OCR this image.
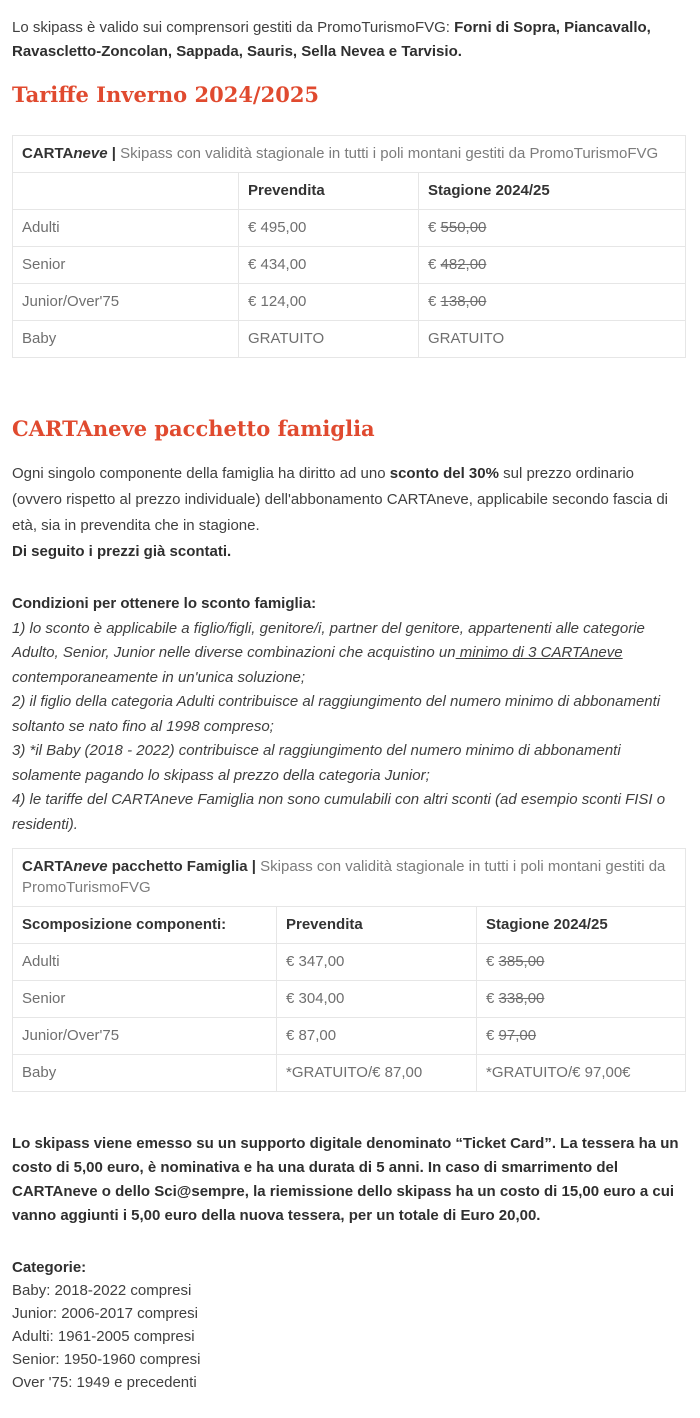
Lo skipass è valido sui comprensori gestiti da PromoTurismoFVG: Forni di Sopra, Piancavallo, Ravascletto-Zoncolan, Sappada, Sauris, Sella Nevea e Tarvisio.

Tariffe Inverno 2024/2025
CARTAneve | Skipass con validità stagionale in tutti i poli montani gestiti da PromoTurismoFVG		
	Prevendita	Stagione 2024/25
Adulti	€ 495,00	€ 550,00
Senior	€ 434,00	€ 482,00
Junior/Over'75	€ 124,00	€ 138,00
Baby	GRATUITO	GRATUITO
CARTAneve pacchetto famiglia

Ogni singolo componente della famiglia ha diritto ad uno sconto del 30% sul prezzo ordinario (ovvero rispetto al prezzo individuale) dell'abbonamento CARTAneve, applicabile secondo fascia di età, sia in prevendita che in stagione.
Di seguito i prezzi già scontati.

Condizioni per ottenere lo sconto famiglia:
1) lo sconto è applicabile a figlio/figli, genitore/i, partner del genitore, appartenenti alle categorie Adulto, Senior, Junior nelle diverse combinazioni che acquistino un minimo di 3 CARTAneve contemporaneamente in un'unica soluzione;
2) il figlio della categoria Adulti contribuisce al raggiungimento del numero minimo di abbonamenti soltanto se nato fino al 1998 compreso;
3) *il Baby (2018 - 2022) contribuisce al raggiungimento del numero minimo di abbonamenti solamente pagando lo skipass al prezzo della categoria Junior;
4) le tariffe del CARTAneve Famiglia non sono cumulabili con altri sconti (ad esempio sconti FISI o residenti).

CARTAneve pacchetto Famiglia | Skipass con validità stagionale in tutti i poli montani gestiti da PromoTurismoFVG		
Scomposizione componenti:	Prevendita	Stagione 2024/25
Adulti	€ 347,00	€ 385,00
Senior	€ 304,00	€ 338,00
Junior/Over'75	€ 87,00	€ 97,00
Baby	*GRATUITO/€ 87,00	*GRATUITO/€ 97,00€

Lo skipass viene emesso su un supporto digitale denominato “Ticket Card”. La tessera ha un costo di 5,00 euro, è nominativa e ha una durata di 5 anni. In caso di smarrimento del CARTAneve o dello Sci@sempre, la riemissione dello skipass ha un costo di 15,00 euro a cui vanno aggiunti i 5,00 euro della nuova tessera, per un totale di Euro 20,00.

Categorie:
Baby: 2018-2022 compresi
Junior: 2006-2017 compresi
Adulti: 1961-2005 compresi
Senior: 1950-1960 compresi
Over '75: 1949 e precedenti
